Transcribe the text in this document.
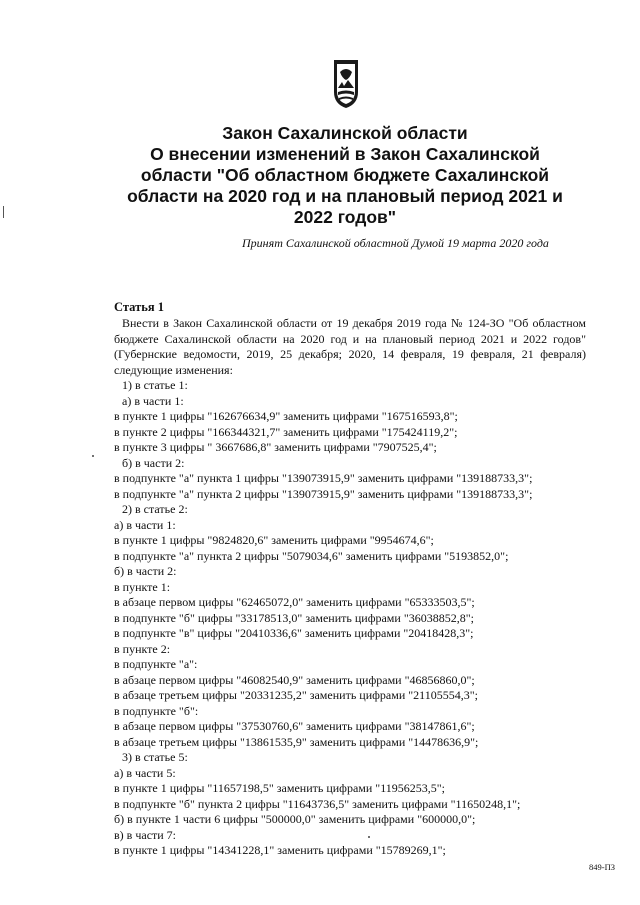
Закон Сахалинской области
О внесении изменений в Закон Сахалинской
области "Об областном бюджете Сахалинской
области на 2020 год и на плановый период 2021 и
2022 годов"
Принят Сахалинской областной Думой 19 марта 2020 года
Статья 1
Внести в Закон Сахалинской области от 19 декабря 2019 года № 124-ЗО "Об областном
бюджете Сахалинской области на 2020 год и на плановый период 2021 и 2022 годов"
(Губернские ведомости, 2019, 25 декабря; 2020, 14 февраля, 19 февраля, 21 февраля)
следующие изменения:
1) в статье 1:
а) в части 1:
в пункте 1 цифры "162676634,9" заменить цифрами "167516593,8";
в пункте 2 цифры "166344321,7" заменить цифрами "175424119,2";
в пункте 3 цифры " 3667686,8" заменить цифрами "7907525,4";
б) в части 2:
в подпункте "а" пункта 1 цифры "139073915,9" заменить цифрами "139188733,3";
в подпункте "а" пункта 2 цифры "139073915,9" заменить цифрами "139188733,3";
2) в статье 2:
а) в части 1:
в пункте 1 цифры "9824820,6" заменить цифрами "9954674,6";
в подпункте "а" пункта 2 цифры "5079034,6" заменить цифрами "5193852,0";
б) в части 2:
в пункте 1:
в абзаце первом цифры "62465072,0" заменить цифрами "65333503,5";
в подпункте "б" цифры "33178513,0" заменить цифрами "36038852,8";
в подпункте "в" цифры "20410336,6" заменить цифрами "20418428,3";
в пункте 2:
в подпункте "а":
в абзаце первом цифры "46082540,9" заменить цифрами "46856860,0";
в абзаце третьем цифры "20331235,2" заменить цифрами "21105554,3";
в подпункте "б":
в абзаце первом цифры "37530760,6" заменить цифрами "38147861,6";
в абзаце третьем цифры "13861535,9" заменить цифрами "14478636,9";
3) в статье 5:
а) в части 5:
в пункте 1 цифры "11657198,5" заменить цифрами "11956253,5";
в подпункте "б" пункта 2 цифры "11643736,5" заменить цифрами "11650248,1";
б) в пункте 1 части 6 цифры "500000,0" заменить цифрами "600000,0";
в) в части 7:
в пункте 1 цифры "14341228,1" заменить цифрами "15789269,1";
849-ПЗ
